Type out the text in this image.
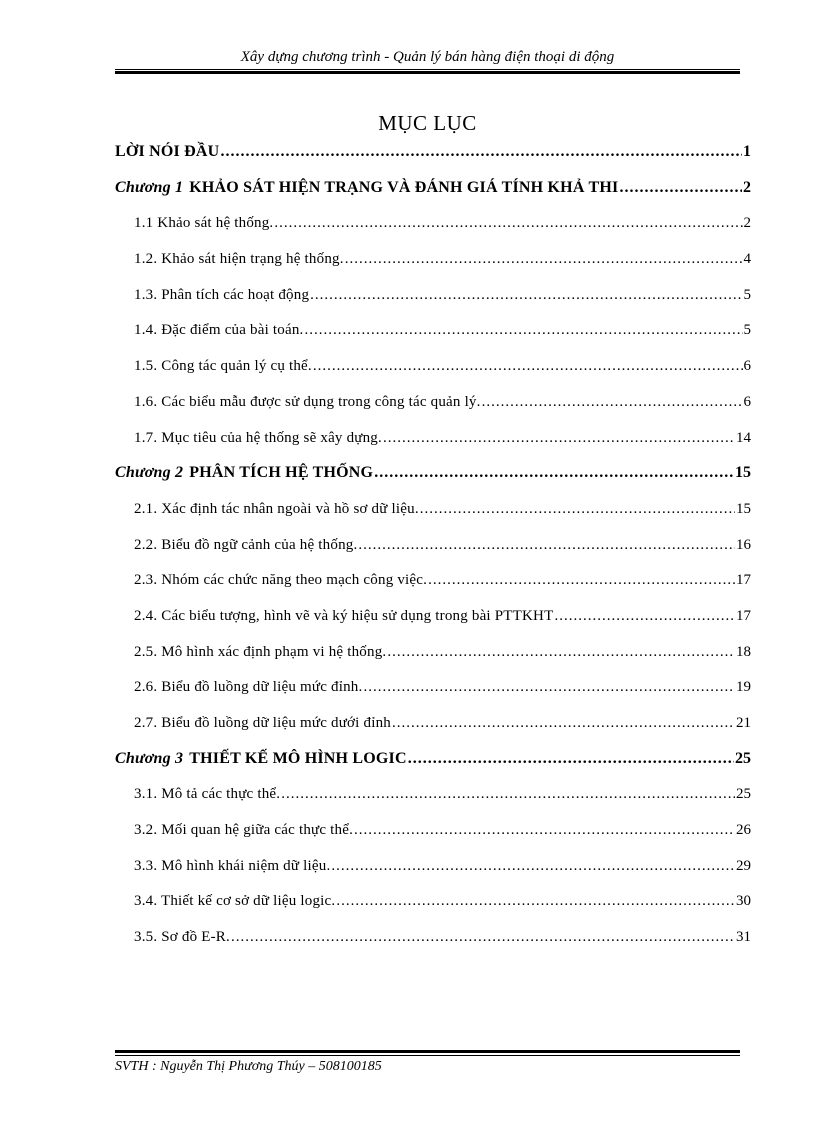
Xây dựng chương trình - Quản lý bán hàng điện thoại di động
MỤC LỤC
LỜI NÓI ĐẦU .....	1
Chương 1 KHẢO SÁT HIỆN TRẠNG VÀ ĐÁNH GIÁ TÍNH KHẢ THI .....	2
1.1 Khảo sát hệ thống. .....	2
1.2. Khảo sát hiện trạng hệ thống. .....	4
1.3. Phân tích các hoạt động .....	5
1.4. Đặc điểm của bài toán. .....	5
1.5. Công tác quản lý cụ thể. .....	6
1.6. Các biểu mẫu được sử dụng trong công tác quản lý. .....	6
1.7. Mục tiêu của hệ thống sẽ xây dựng. .....	14
Chương 2 PHÂN TÍCH HỆ THỐNG .....	15
2.1. Xác định tác nhân ngoài và hồ sơ dữ liệu. .....	15
2.2. Biểu đồ ngữ cảnh của hệ thống. .....	16
2.3. Nhóm các chức năng theo mạch công việc. .....	17
2.4. Các biểu tượng, hình vẽ và ký hiệu sử dụng trong bài PTTKHT .....	17
2.5. Mô hình xác định phạm vi hệ thống. .....	18
2.6. Biểu đồ luồng dữ liệu mức đỉnh. .....	19
2.7. Biểu đồ luồng dữ liệu mức dưới đỉnh .....	21
Chương 3 THIẾT KẾ MÔ HÌNH LOGIC .....	25
3.1. Mô tả các thực thể. .....	25
3.2. Mối quan hệ giữa các thực thể. .....	26
3.3. Mô hình khái niệm dữ liệu. .....	29
3.4. Thiết kế cơ sở dữ liệu logic. .....	30
3.5. Sơ đồ E-R. .....	31
SVTH : Nguyễn Thị Phương Thúy – 508100185
